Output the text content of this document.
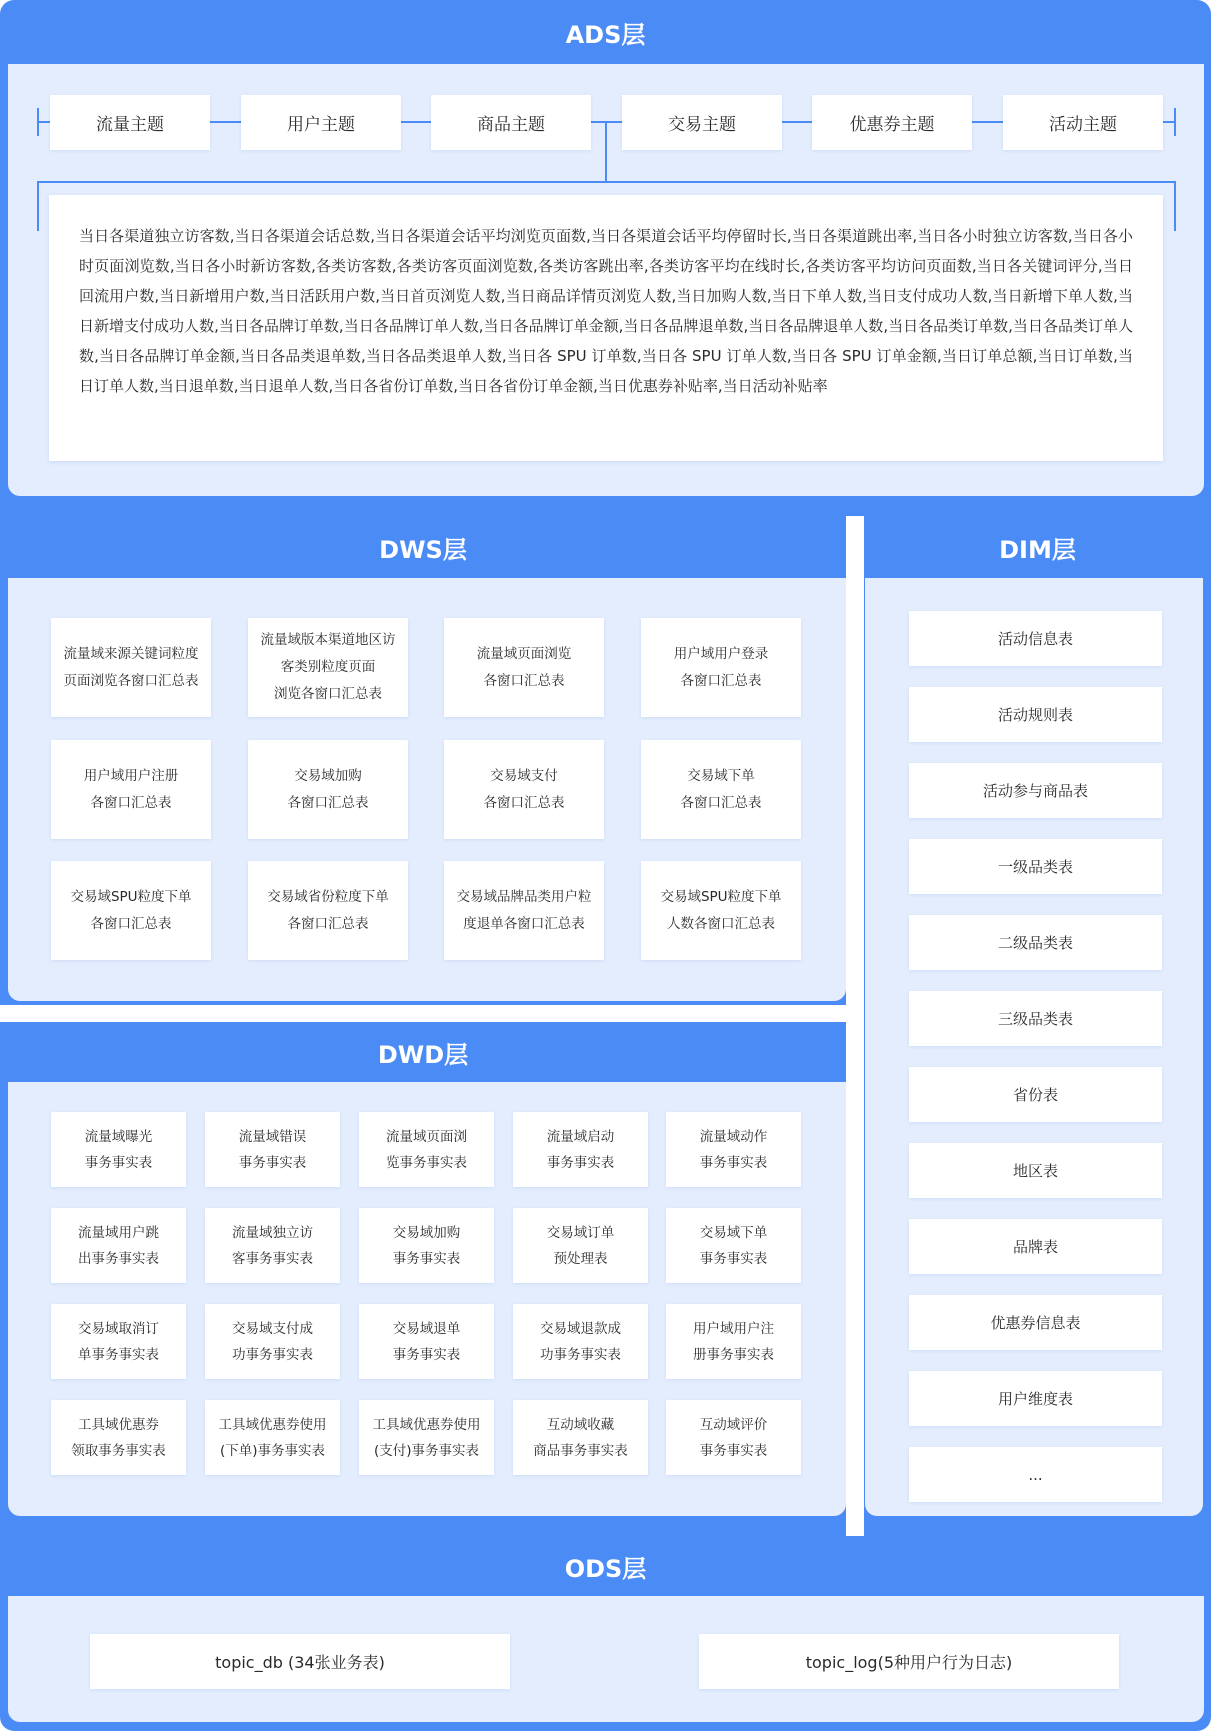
ADS层
流量主题	用户主题	商品主题	交易主题	优惠券主题	活动主题
当日各渠道独立访客数,当日各渠道会话总数,当日各渠道会话平均浏览页面数,当日各渠道会话平均停留时长,当日各渠道跳出率,当日各小时独立访客数,当日各小时页面浏览数,当日各小时新访客数,各类访客数,各类访客页面浏览数,各类访客跳出率,各类访客平均在线时长,各类访客平均访问页面数,当日各关键词评分,当日回流用户数,当日新增用户数,当日活跃用户数,当日首页浏览人数,当日商品详情页浏览人数,当日加购人数,当日下单人数,当日支付成功人数,当日新增下单人数,当日新增支付成功人数,当日各品牌订单数,当日各品牌订单人数,当日各品牌订单金额,当日各品牌退单数,当日各品牌退单人数,当日各品类订单数,当日各品类订单人数,当日各品牌订单金额,当日各品类退单数,当日各品类退单人数,当日各 SPU 订单数,当日各 SPU 订单人数,当日各 SPU 订单金额,当日订单总额,当日订单数,当日订单人数,当日退单数,当日退单人数,当日各省份订单数,当日各省份订单金额,当日优惠券补贴率,当日活动补贴率
DWS层
流量域来源关键词粒度
页面浏览各窗口汇总表
流量域版本渠道地区访
客类别粒度页面
浏览各窗口汇总表
流量域页面浏览
各窗口汇总表
用户域用户登录
各窗口汇总表
用户域用户注册
各窗口汇总表
交易域加购
各窗口汇总表
交易域支付
各窗口汇总表
交易域下单
各窗口汇总表
交易域SPU粒度下单
各窗口汇总表
交易域省份粒度下单
各窗口汇总表
交易域品牌品类用户粒
度退单各窗口汇总表
交易域SPU粒度下单
人数各窗口汇总表
DWD层
流量域曝光
事务事实表
流量域错误
事务事实表
流量域页面浏
览事务事实表
流量域启动
事务事实表
流量域动作
事务事实表
流量域用户跳
出事务事实表
流量域独立访
客事务事实表
交易域加购
事务事实表
交易域订单
预处理表
交易域下单
事务事实表
交易域取消订
单事务事实表
交易域支付成
功事务事实表
交易域退单
事务事实表
交易域退款成
功事务事实表
用户域用户注
册事务事实表
工具域优惠券
领取事务事实表
工具域优惠券使用
(下单)事务事实表
工具域优惠券使用
(支付)事务事实表
互动域收藏
商品事务事实表
互动域评价
事务事实表
DIM层
活动信息表
活动规则表
活动参与商品表
一级品类表
二级品类表
三级品类表
省份表
地区表
品牌表
优惠券信息表
用户维度表
...
ODS层
topic_db (34张业务表)	topic_log(5种用户行为日志)
